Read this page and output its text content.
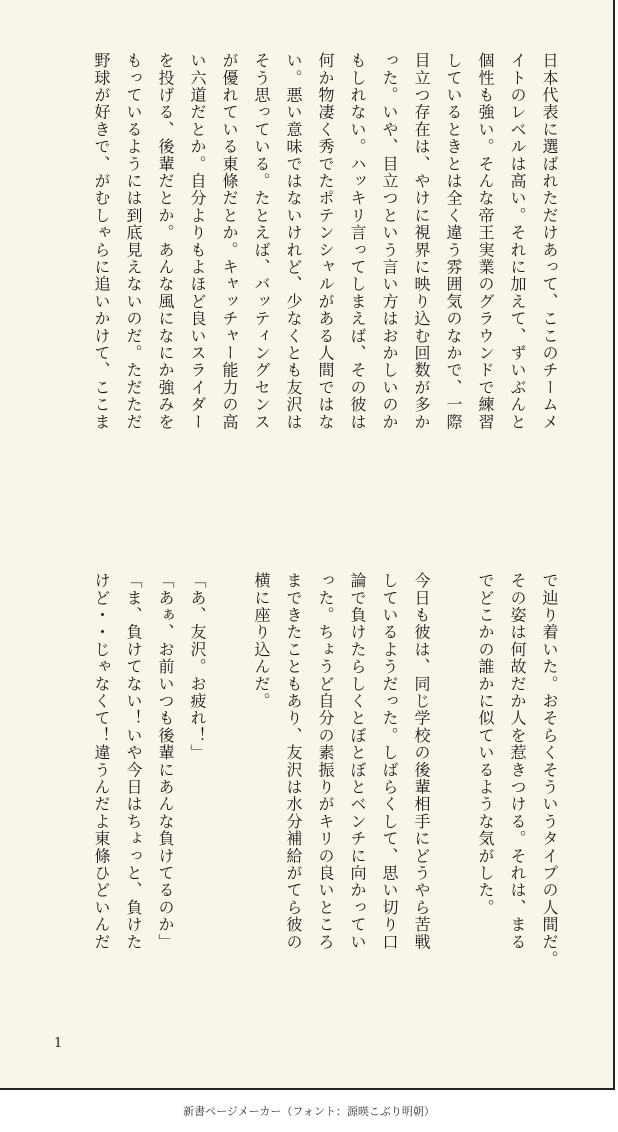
日本代表に選ばれただけあって、ここのチームメ
イトのレベルは高い。それに加えて、ずいぶんと
個性も強い。そんな帝王実業のグラウンドで練習
しているときとは全く違う雰囲気のなかで、一際
目立つ存在は、やけに視界に映り込む回数が多か
った。いや、目立つという言い方はおかしいのか
もしれない。ハッキリ言ってしまえば、その彼は
何か物凄く秀でたポテンシャルがある人間ではな
い。悪い意味ではないけれど、少なくとも友沢は
そう思っている。たとえば、バッティングセンス
が優れている東條だとか。キャッチャー能力の高
い六道だとか。自分よりもよほど良いスライダー
を投げる、後輩だとか。あんな風になにか強みを
もっているようには到底見えないのだ。ただただ
野球が好きで、がむしゃらに追いかけて、ここま
で辿り着いた。おそらくそういうタイプの人間だ。
その姿は何故だか人を惹きつける。それは、まる
でどこかの誰かに似ているような気がした。

今日も彼は、同じ学校の後輩相手にどうやら苦戦
しているようだった。しばらくして、思い切り口
論で負けたらしくとぼとぼとベンチに向かってい
った。ちょうど自分の素振りがキリの良いところ
まできたこともあり、友沢は水分補給がてら彼の
横に座り込んだ。

「あ、友沢。お疲れ！」
「あぁ、お前いつも後輩にあんな負けてるのか」
「ま、負けてない！いや今日はちょっと、負けた
けど・・じゃなくて！違うんだよ東條ひどいんだ
1
新書ページメーカー（フォント：源暎こぶり明朝）
